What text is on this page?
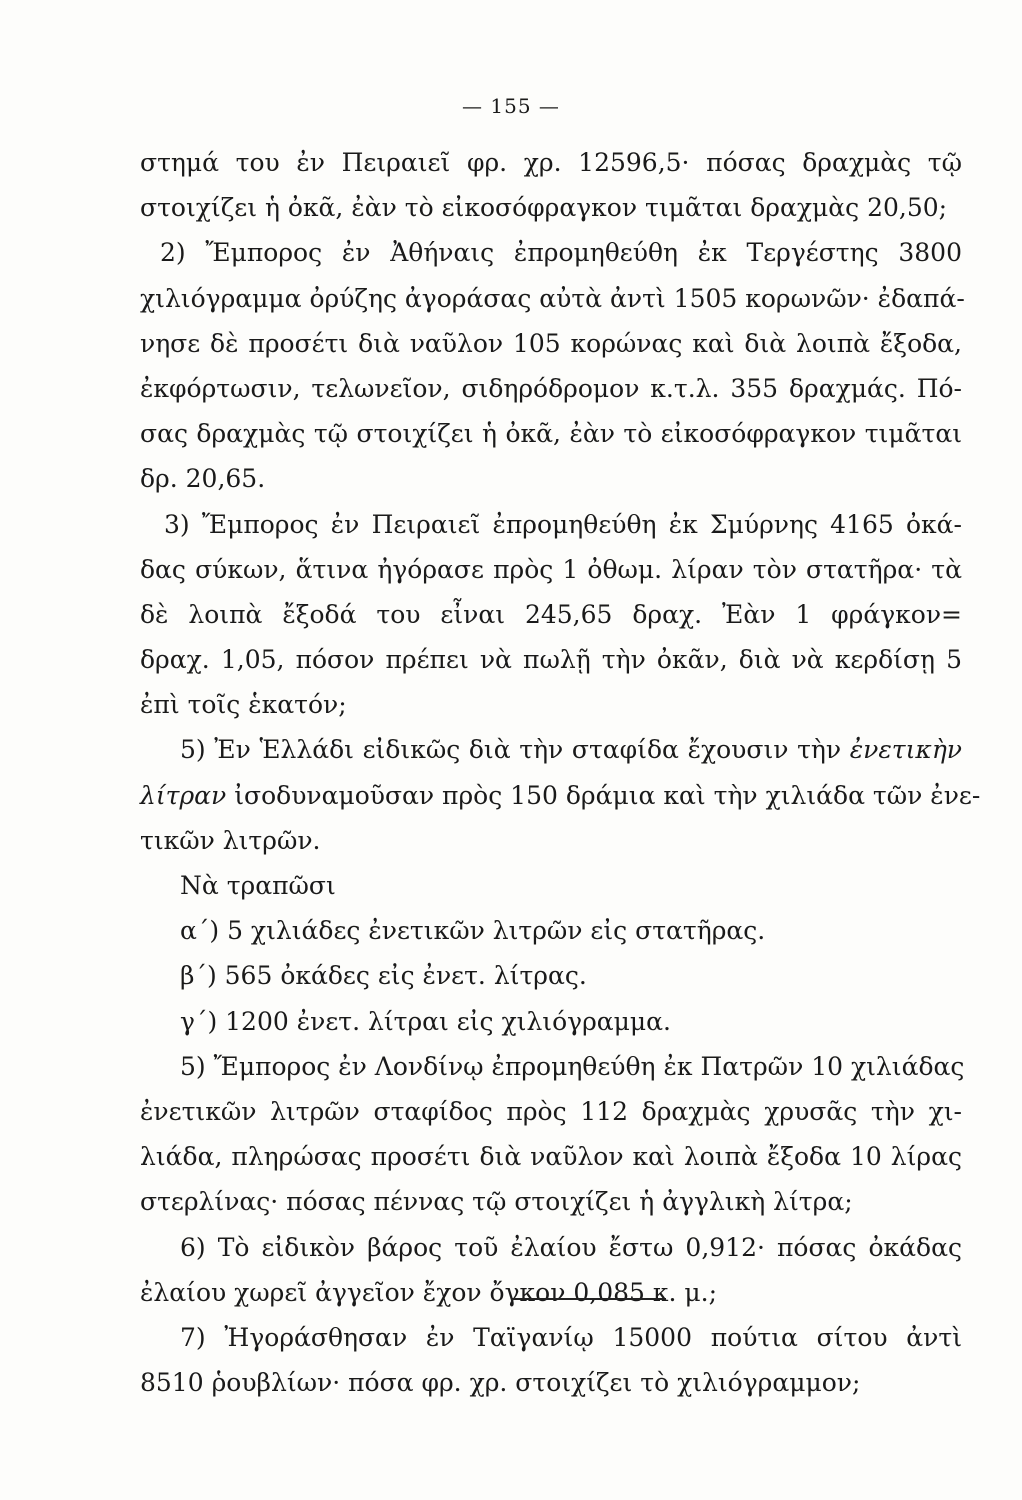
— 155 —
στημά του ἐν Πειραιεῖ φρ. χρ. 12596,5· πόσας δραχμὰς τῷ
στοιχίζει ἡ ὀκᾶ, ἐὰν τὸ εἰκοσόφραγκον τιμᾶται δραχμὰς 20,50;
2) Ἔμπορος ἐν Ἀθήναις ἐπρομηθεύθη ἐκ Τεργέστης 3800
χιλιόγραμμα ὀρύζης ἀγοράσας αὐτὰ ἀντὶ 1505 κορωνῶν· ἐδαπά-
νησε δὲ προσέτι διὰ ναῦλον 105 κορώνας καὶ διὰ λοιπὰ ἔξοδα,
ἐκφόρτωσιν, τελωνεῖον, σιδηρόδρομον κ.τ.λ. 355 δραχμάς. Πό-
σας δραχμὰς τῷ στοιχίζει ἡ ὀκᾶ, ἐὰν τὸ εἰκοσόφραγκον τιμᾶται
δρ. 20,65.
3) Ἔμπορος ἐν Πειραιεῖ ἐπρομηθεύθη ἐκ Σμύρνης 4165 ὀκά-
δας σύκων, ἅτινα ἠγόρασε πρὸς 1 ὀθωμ. λίραν τὸν στατῆρα· τὰ
δὲ λοιπὰ ἔξοδά του εἶναι 245,65 δραχ. Ἐὰν 1 φράγκον=
δραχ. 1,05, πόσον πρέπει νὰ πωλῇ τὴν ὀκᾶν, διὰ νὰ κερδίσῃ 5
ἐπὶ τοῖς ἑκατόν;
5) Ἐν Ἑλλάδι εἰδικῶς διὰ τὴν σταφίδα ἔχουσιν τὴν ἐνετικὴν
λίτραν ἰσοδυναμοῦσαν πρὸς 150 δράμια καὶ τὴν χιλιάδα τῶν ἐνε-
τικῶν λιτρῶν.
Νὰ τραπῶσι
α΄) 5 χιλιάδες ἐνετικῶν λιτρῶν εἰς στατῆρας.
β΄) 565 ὀκάδες εἰς ἐνετ. λίτρας.
γ΄) 1200 ἐνετ. λίτραι εἰς χιλιόγραμμα.
5) Ἔμπορος ἐν Λονδίνῳ ἐπρομηθεύθη ἐκ Πατρῶν 10 χιλιάδας
ἐνετικῶν λιτρῶν σταφίδος πρὸς 112 δραχμὰς χρυσᾶς τὴν χι-
λιάδα, πληρώσας προσέτι διὰ ναῦλον καὶ λοιπὰ ἔξοδα 10 λίρας
στερλίνας· πόσας πέννας τῷ στοιχίζει ἡ ἀγγλικὴ λίτρα;
6) Τὸ εἰδικὸν βάρος τοῦ ἐλαίου ἔστω 0,912· πόσας ὀκάδας
ἐλαίου χωρεῖ ἀγγεῖον ἔχον ὄγκον 0,085 κ. μ.;
7) Ἠγοράσθησαν ἐν Ταϊγανίῳ 15000 πούτια σίτου ἀντὶ
8510 ῥουβλίων· πόσα φρ. χρ. στοιχίζει τὸ χιλιόγραμμον;
